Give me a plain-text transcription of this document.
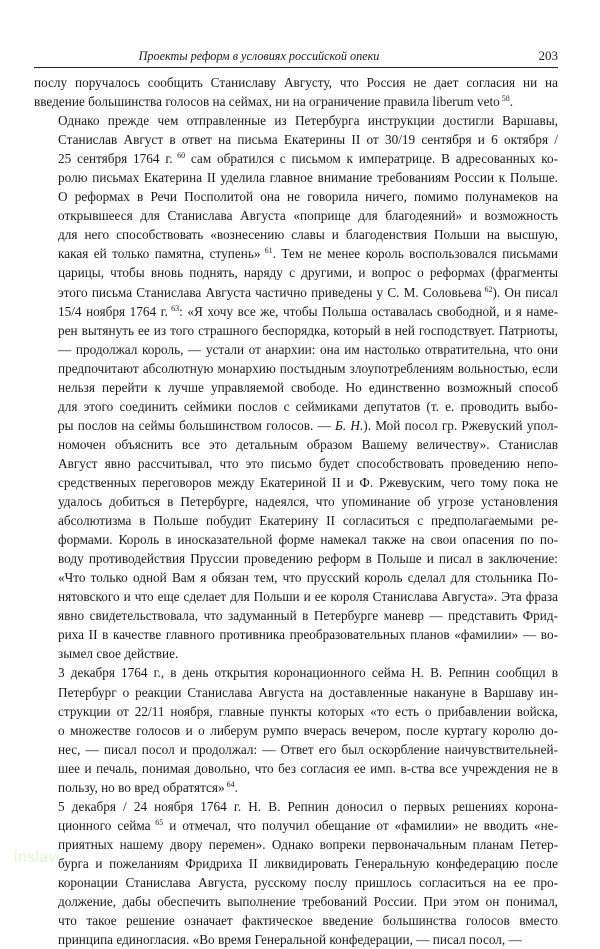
Проекты реформ в условиях российской опеки	203

послу поручалось сообщить Станиславу Августу, что Россия не дает согласия ни на
введение большинства голосов на сеймах, ни на ограничение правила liberum veto $^{58}$.

Однако прежде чем отправленные из Петербурга инструкции достигли Варшавы,
Станислав Август в ответ на письма Екатерины II от 30/19 сентября и 6 октября /
25 сентября 1764 г. $^{60}$ сам обратился с письмом к императрице. В адресованных ко-
ролю письмах Екатерина II уделила главное внимание требованиям России к Польше.
О реформах в Речи Посполитой она не говорила ничего, помимо полунамеков на
открывшееся для Станислава Августа «поприще для благодеяний» и возможность
для него способствовать «вознесению славы и благоденствия Польши на высшую,
какая ей только памятна, ступень» $^{61}$. Тем не менее король воспользовался письмами
царицы, чтобы вновь поднять, наряду с другими, и вопрос о реформах (фрагменты
этого письма Станислава Августа частично приведены у С. М. Соловьева $^{62}$). Он писал
15/4 ноября 1764 г. $^{63}$: «Я хочу все же, чтобы Польша оставалась свободной, и я наме-
рен вытянуть ее из того страшного беспорядка, который в ней господствует. Патриоты,
— продолжал король, — устали от анархии: она им настолько отвратительна, что они
предпочитают абсолютную монархию постыдным злоупотреблениям вольностью, если
нельзя перейти к лучше управляемой свободе. Но единственно возможный способ
для этого соединить сеймики послов с сеймиками депутатов (т. е. проводить выбо-
ры послов на сеймы большинством голосов. — Б. Н.). Мой посол гр. Ржевуский упол-
номочен объяснить все это детальным образом Вашему величеству». Станислав
Август явно рассчитывал, что это письмо будет способствовать проведению непо-
средственных переговоров между Екатериной II и Ф. Ржевуским, чего тому пока не
удалось добиться в Петербурге, надеялся, что упоминание об угрозе установления
абсолютизма в Польше побудит Екатерину II согласиться с предполагаемыми ре-
формами. Король в иносказательной форме намекал также на свои опасения по по-
воду противодействия Пруссии проведению реформ в Польше и писал в заключение:
«Что только одной Вам я обязан тем, что прусский король сделал для стольника По-
нятовского и что еще сделает для Польши и ее короля Станислава Августа». Эта фраза
явно свидетельствовала, что задуманный в Петербурге маневр — представить Фрид-
риха II в качестве главного противника преобразовательных планов «фамилии» — во-
зымел свое действие.

3 декабря 1764 г., в день открытия коронационного сейма Н. В. Репнин сообщил в
Петербург о реакции Станислава Августа на доставленные накануне в Варшаву ин-
струкции от 22/11 ноября, главные пункты которых «то есть о прибавлении войска,
о множестве голосов и о либерум румпо вчерась вечером, после куртагу королю до-
нес, — писал посол и продолжал: — Ответ его был оскорбление наичувствительней-
шее и печаль, понимая довольно, что без согласия ее имп. в-ства все учреждения не в
пользу, но во вред обратятся» $^{64}$.

5 декабря / 24 ноября 1764 г. Н. В. Репнин доносил о первых решениях корона-
ционного сейма $^{65}$ и отмечал, что получил обещание от «фамилии» не вводить «не-
приятных нашему двору перемен». Однако вопреки первоначальным планам Петер-
бурга и пожеланиям Фридриха II ликвидировать Генеральную конфедерацию после
коронации Станислава Августа, русскому послу пришлось согласиться на ее про-
должение, дабы обеспечить выполнение требований России. При этом он понимал,
что такое решение означает фактическое введение большинства голосов вместо
принципа единогласия. «Во время Генеральной конфедерации, — писал посол, —

inslav
